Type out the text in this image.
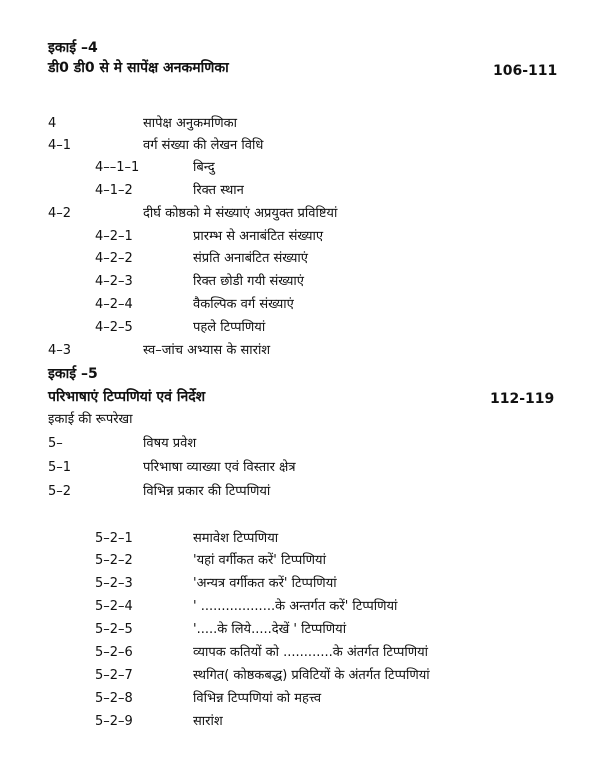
इकाई –4
डी0 डी0 से मे सापेंक्ष अनकमणिका	106-111
4	सापेक्ष अनुकमणिका
4–1	वर्ग संख्या की लेखन विधि
4––1–1	बिन्दु
4–1–2	रिक्त स्थान
4–2	दीर्घ कोष्ठको मे संख्याएं अप्रयुक्त प्रविष्टियां
4–2–1	प्रारम्भ से अनाबंटित संख्याए
4–2–2	संप्रति अनाबंटित संख्याएं
4–2–3	रिक्त छोडी गयी संख्याएं
4–2–4	वैकल्पिक वर्ग संख्याएं
4–2–5	पहले टिप्पणियां
4–3	स्व–जांच अभ्यास के सारांश
इकाई –5
परिभाषाएं टिप्पणियां एवं निर्देश	112-119
इकाई की रूपरेखा
5–	विषय प्रवेश
5–1	परिभाषा व्याख्या एवं विस्तार क्षेत्र
5–2	विभिन्न प्रकार की टिप्पणियां
5–2–1	समावेश टिप्पणिया
5–2–2	'यहां वर्गीकत करें' टिप्पणियां
5–2–3	'अन्यत्र वर्गीकत करें' टिप्पणियां
5–2–4	' ..................के अन्तर्गत करें' टिप्पणियां
5–2–5	'.....के लिये.....देखें ' टिप्पणियां
5–2–6	व्यापक कतियों को ............के अंतर्गत टिप्पणियां
5–2–7	स्थगित( कोष्ठकबद्ध) प्रविटियों के अंतर्गत टिप्पणियां
5–2–8	विभिन्न टिप्पणियां को महत्त्व
5–2–9	सारांश
